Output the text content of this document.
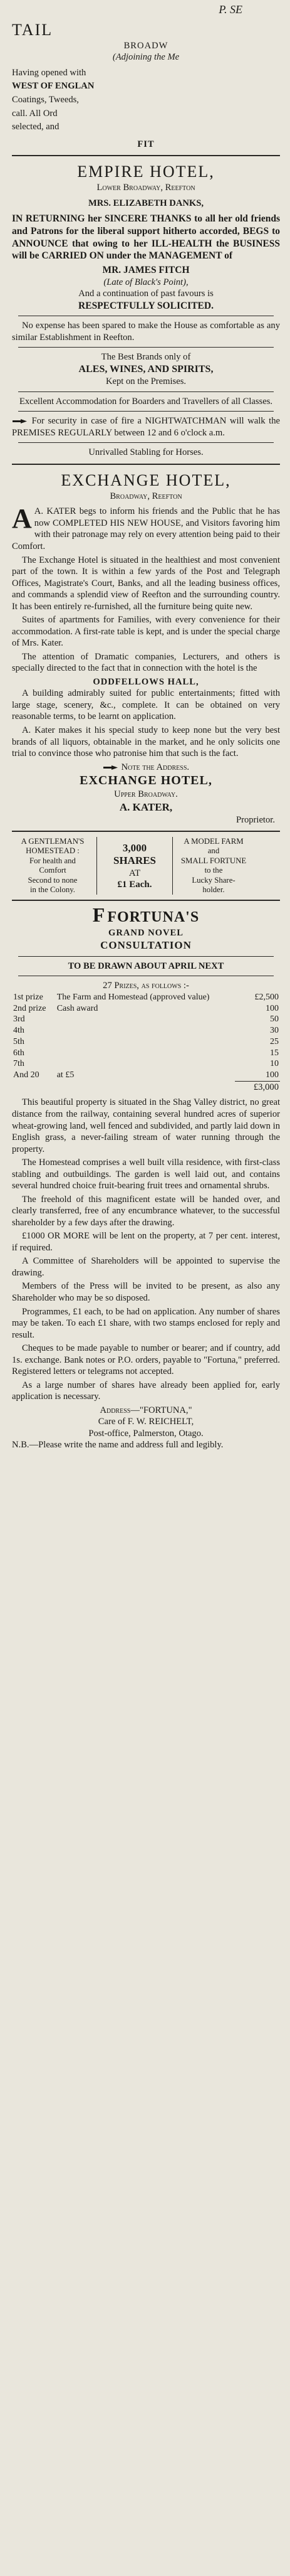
P. SE
TAIL
BROADW
(Adjoining the Me
Having opened with
WEST OF ENGLAN
Coatings, Tweeds,
call. All Ord
selected, and
FIT
EMPIRE HOTEL,
Lower Broadway, Reefton
MRS. ELIZABETH DANKS,
IN RETURNING her SINCERE THANKS to all her old friends and Patrons for the liberal support hitherto accorded, BEGS to ANNOUNCE that owing to her ILL-HEALTH the BUSINESS will be CARRIED ON under the MANAGEMENT of
MR. JAMES FITCH
(Late of Black's Point),
And a continuation of past favours is
RESPECTFULLY SOLICITED.
No expense has been spared to make the House as comfortable as any similar Establishment in Reefton.
The Best Brands only of
ALES, WINES, AND SPIRITS,
Kept on the Premises.
Excellent Accommodation for Boarders and Travellers of all Classes.
For security in case of fire a NIGHTWATCHMAN will walk the PREMISES REGULARLY between 12 and 6 o'clock a.m.
Unrivalled Stabling for Horses.
EXCHANGE HOTEL,
Broadway, Reefton
A A. KATER begs to inform his friends and the Public that he has now COMPLETED HIS NEW HOUSE, and Visitors favoring him with their patronage may rely on every attention being paid to their Comfort.
The Exchange Hotel is situated in the healthiest and most convenient part of the town. It is within a few yards of the Post and Telegraph Offices, Magistrate's Court, Banks, and all the leading business offices, and commands a splendid view of Reefton and the surrounding country. It has been entirely re-furnished, all the furniture being quite new.
Suites of apartments for Families, with every convenience for their accommodation. A first-rate table is kept, and is under the special charge of Mrs. Kater.
The attention of Dramatic companies, Lecturers, and others is specially directed to the fact that in connection with the hotel is the
ODDFELLOWS HALL,
A building admirably suited for public entertainments; fitted with large stage, scenery, &c., complete. It can be obtained on very reasonable terms, to be learnt on application.
A. Kater makes it his special study to keep none but the very best brands of all liquors, obtainable in the market, and he only solicits one trial to convince those who patronise him that such is the fact.
Note the Address.
EXCHANGE HOTEL,
Upper Broadway.
A. KATER,
Proprietor.
A GENTLEMAN'S
HOMESTEAD :
For health and
Comfort
Second to none
in the Colony.
3,000
SHARES
AT
£1 Each.
A MODEL FARM
and
SMALL FORTUNE
to the
Lucky Share-
holder.
F FORTUNA'S
GRAND NOVEL
CONSULTATION
TO BE DRAWN ABOUT APRIL NEXT
27 Prizes, as follows :-
1st prize	The Farm and Homestead (approved value)	£2,500
2nd prize	Cash award	100
3rd		50
4th		30
5th		25
6th		15
7th		10
And 20	at £5	100
£3,000
This beautiful property is situated in the Shag Valley district, no great distance from the railway, containing several hundred acres of superior wheat-growing land, well fenced and subdivided, and partly laid down in English grass, a never-failing stream of water running through the property.
The Homestead comprises a well built villa residence, with first-class stabling and outbuildings. The garden is well laid out, and contains several hundred choice fruit-bearing fruit trees and ornamental shrubs.
The freehold of this magnificent estate will be handed over, and clearly transferred, free of any encumbrance whatever, to the successful shareholder by a few days after the drawing.
£1000 OR MORE will be lent on the property, at 7 per cent. interest, if required.
A Committee of Shareholders will be appointed to supervise the drawing.
Members of the Press will be invited to be present, as also any Shareholder who may be so disposed.
Programmes, £1 each, to be had on application. Any number of shares may be taken. To each £1 share, with two stamps enclosed for reply and result.
Cheques to be made payable to number or bearer; and if country, add 1s. exchange. Bank notes or P.O. orders, payable to "Fortuna," preferred. Registered letters or telegrams not accepted.
As a large number of shares have already been applied for, early application is necessary.
Address—"FORTUNA,"
Care of F. W. REICHELT,
Post-office, Palmerston, Otago.
N.B.—Please write the name and address full and legibly.
